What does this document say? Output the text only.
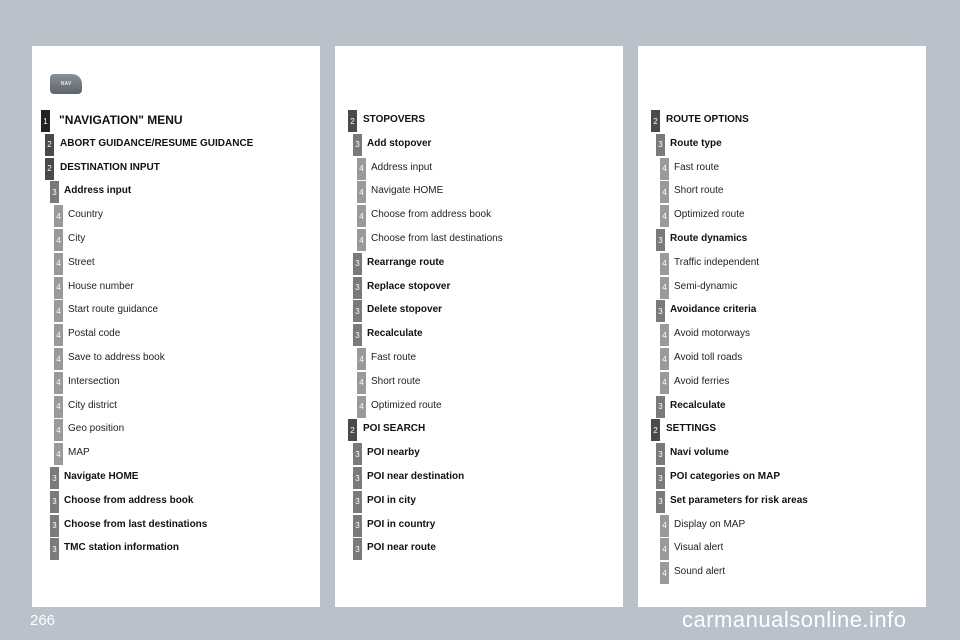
NAV
1 "NAVIGATION" MENU
2 ABORT GUIDANCE/RESUME GUIDANCE
2 DESTINATION INPUT
3 Address input
4 Country
4 City
4 Street
4 House number
4 Start route guidance
4 Postal code
4 Save to address book
4 Intersection
4 City district
4 Geo position
4 MAP
3 Navigate HOME
3 Choose from address book
3 Choose from last destinations
3 TMC station information
2 STOPOVERS
3 Add stopover
4 Address input
4 Navigate HOME
4 Choose from address book
4 Choose from last destinations
3 Rearrange route
3 Replace stopover
3 Delete stopover
3 Recalculate
4 Fast route
4 Short route
4 Optimized route
2 POI SEARCH
3 POI nearby
3 POI near destination
3 POI in city
3 POI in country
3 POI near route
2 ROUTE OPTIONS
3 Route type
4 Fast route
4 Short route
4 Optimized route
3 Route dynamics
4 Traffic independent
4 Semi-dynamic
3 Avoidance criteria
4 Avoid motorways
4 Avoid toll roads
4 Avoid ferries
3 Recalculate
2 SETTINGS
3 Navi volume
3 POI categories on MAP
3 Set parameters for risk areas
4 Display on MAP
4 Visual alert
4 Sound alert
266	carmanualsonline.info
